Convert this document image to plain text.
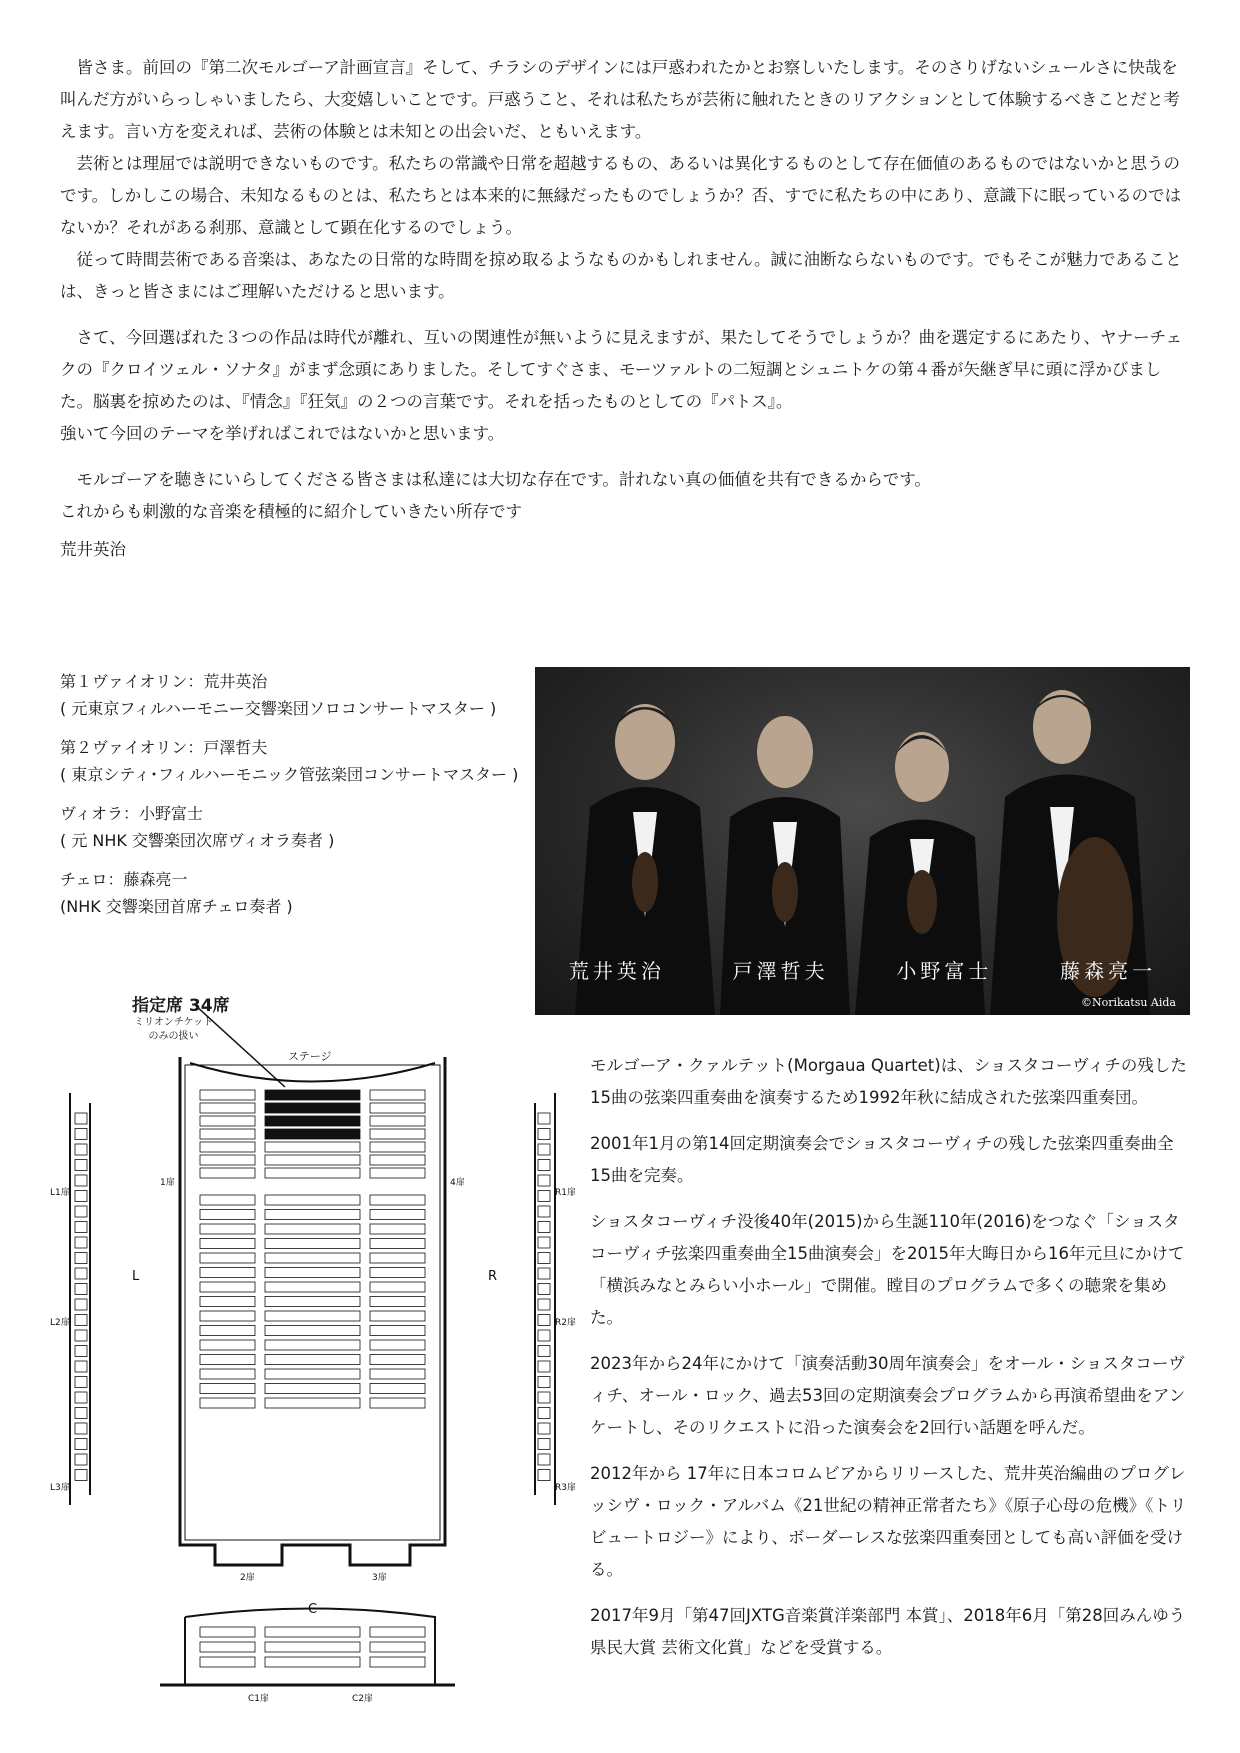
皆さま。前回の『第二次モルゴーア計画宣言』そして、チラシのデザインには戸惑われたかとお察しいたします。そのさりげないシュールさに快哉を叫んだ方がいらっしゃいましたら、大変嬉しいことです。戸惑うこと、それは私たちが芸術に触れたときのリアクションとして体験するべきことだと考えます。言い方を変えれば、芸術の体験とは未知との出会いだ、ともいえます。

芸術とは理屈では説明できないものです。私たちの常識や日常を超越するもの、あるいは異化するものとして存在価値のあるものではないかと思うのです。しかしこの場合、未知なるものとは、私たちとは本来的に無縁だったものでしょうか？否、すでに私たちの中にあり、意識下に眠っているのではないか？それがある刹那、意識として顕在化するのでしょう。

従って時間芸術である音楽は、あなたの日常的な時間を掠め取るようなものかもしれません。誠に油断ならないものです。でもそこが魅力であることは、きっと皆さまにはご理解いただけると思います。

さて、今回選ばれた３つの作品は時代が離れ、互いの関連性が無いように見えますが、果たしてそうでしょうか？曲を選定するにあたり、ヤナーチェクの『クロイツェル・ソナタ』がまず念頭にありました。そしてすぐさま、モーツァルトの二短調とシュニトケの第４番が矢継ぎ早に頭に浮かびました。脳裏を掠めたのは、『情念』『狂気』の２つの言葉です。それを括ったものとしての『パトス』。

強いて今回のテーマを挙げればこれではないかと思います。

モルゴーアを聴きにいらしてくださる皆さまは私達には大切な存在です。計れない真の価値を共有できるからです。

これからも刺激的な音楽を積極的に紹介していきたい所存です

荒井英治

第１ヴァイオリン：荒井英治
( 元東京フィルハーモニー交響楽団ソロコンサートマスター )
第２ヴァイオリン：戸澤哲夫
( 東京シティ･フィルハーモニック管弦楽団コンサートマスター )
ヴィオラ：小野富士
( 元 NHK 交響楽団次席ヴィオラ奏者 )
チェロ：藤森亮一
(NHK 交響楽団首席チェロ奏者 )
荒井英治	戸澤哲夫	小野富士	藤森亮一
©Norikatsu Aida
指定席 34席
ミリオンチケット
のみの扱い
ステージ
L	R
C
1扉	4扉
2扉	3扉
L1扉
L2扉
L3扉
R1扉
R2扉
R3扉
C1扉	C2扉

モルゴーア・クァルテット(Morgaua Quartet)は、ショスタコーヴィチの残した15曲の弦楽四重奏曲を演奏するため1992年秋に結成された弦楽四重奏団。

2001年1月の第14回定期演奏会でショスタコーヴィチの残した弦楽四重奏曲全15曲を完奏。

ショスタコーヴィチ没後40年(2015)から生誕110年(2016)をつなぐ「ショスタコーヴィチ弦楽四重奏曲全15曲演奏会」を2015年大晦日から16年元旦にかけて「横浜みなとみらい小ホール」で開催。瞠目のプログラムで多くの聴衆を集めた。

2023年から24年にかけて「演奏活動30周年演奏会」をオール・ショスタコーヴィチ、オール・ロック、過去53回の定期演奏会プログラムから再演希望曲をアンケートし、そのリクエストに沿った演奏会を2回行い話題を呼んだ。

2012年から 17年に日本コロムビアからリリースした、荒井英治編曲のプログレッシヴ・ロック・アルバム《21世紀の精神正常者たち》《原子心母の危機》《トリビュートロジー》により、ボーダーレスな弦楽四重奏団としても高い評価を受ける。

2017年9月「第47回JXTG音楽賞洋楽部門 本賞」、2018年6月「第28回みんゆう県民大賞 芸術文化賞」などを受賞する。
